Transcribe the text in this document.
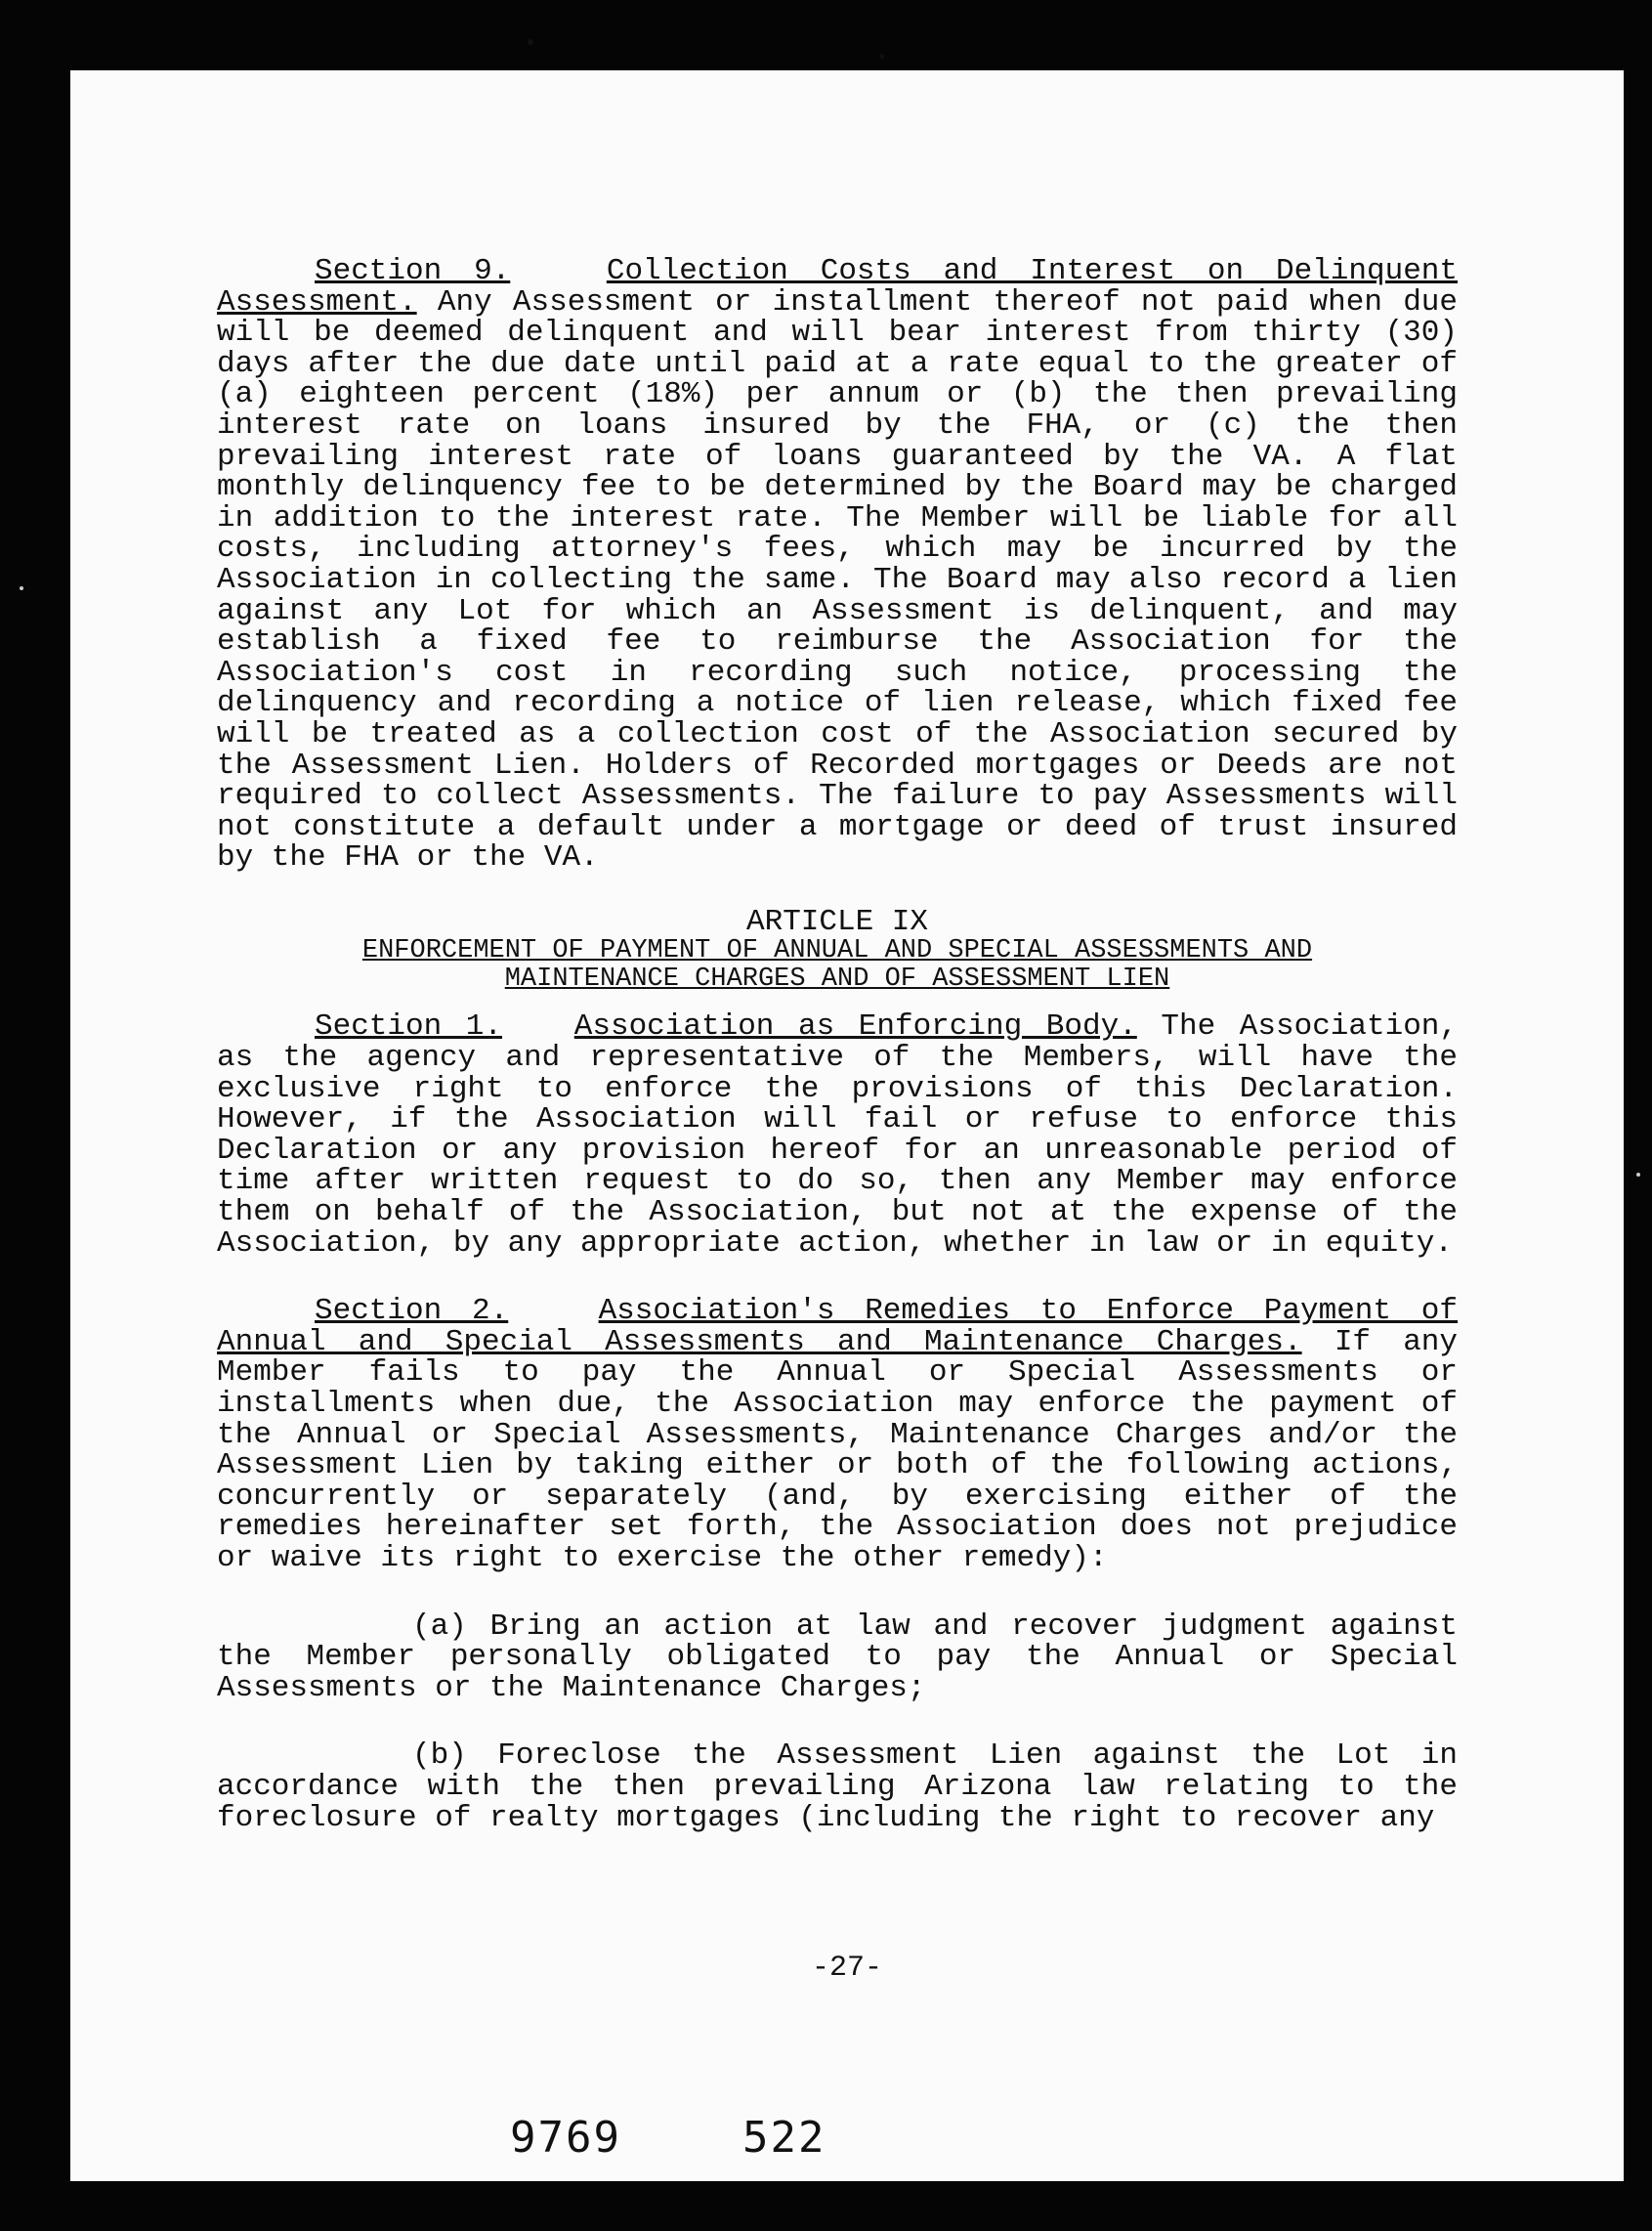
Section 9.	Collection Costs and Interest on Delinquent Assessment. Any Assessment or installment thereof not paid when due will be deemed delinquent and will bear interest from thirty (30) days after the due date until paid at a rate equal to the greater of (a) eighteen percent (18%) per annum or (b) the then prevailing interest rate on loans insured by the FHA, or (c) the then prevailing interest rate of loans guaranteed by the VA. A flat monthly delinquency fee to be determined by the Board may be charged in addition to the interest rate. The Member will be liable for all costs, including attorney's fees, which may be incurred by the Association in collecting the same. The Board may also record a lien against any Lot for which an Assessment is delinquent, and may establish a fixed fee to reimburse the Association for the Association's cost in recording such notice, processing the delinquency and recording a notice of lien release, which fixed fee will be treated as a collection cost of the Association secured by the Assessment Lien. Holders of Recorded mortgages or Deeds are not required to collect Assessments. The failure to pay Assessments will not constitute a default under a mortgage or deed of trust insured by the FHA or the VA.

ARTICLE IX
ENFORCEMENT OF PAYMENT OF ANNUAL AND SPECIAL ASSESSMENTS AND
MAINTENANCE CHARGES AND OF ASSESSMENT LIEN

Section 1. Association as Enforcing Body. The Association, as the agency and representative of the Members, will have the exclusive right to enforce the provisions of this Declaration. However, if the Association will fail or refuse to enforce this Declaration or any provision hereof for an unreasonable period of time after written request to do so, then any Member may enforce them on behalf of the Association, but not at the expense of the Association, by any appropriate action, whether in law or in equity.

Section 2.	Association's Remedies to Enforce Payment of Annual and Special Assessments and Maintenance Charges. If any Member fails to pay the Annual or Special Assessments or installments when due, the Association may enforce the payment of the Annual or Special Assessments, Maintenance Charges and/or the Assessment Lien by taking either or both of the following actions, concurrently or separately (and, by exercising either of the remedies hereinafter set forth, the Association does not prejudice or waive its right to exercise the other remedy):

(a) Bring an action at law and recover judgment against the Member personally obligated to pay the Annual or Special Assessments or the Maintenance Charges;

(b) Foreclose the Assessment Lien against the Lot in accordance with the then prevailing Arizona law relating to the foreclosure of realty mortgages (including the right to recover any

-27-
9769	522
